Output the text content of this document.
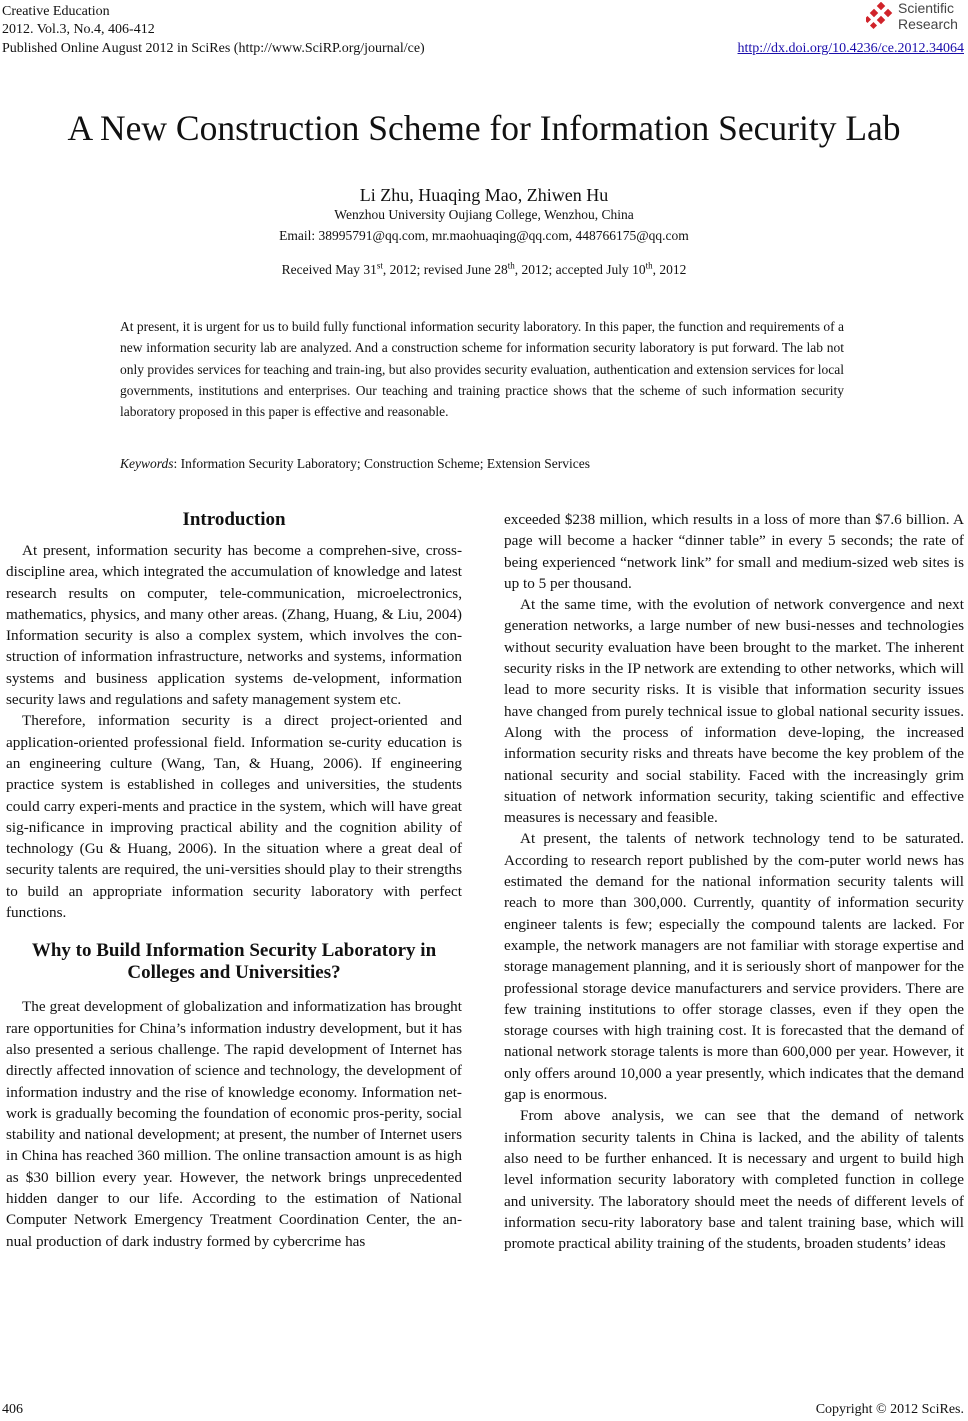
Creative Education
2012. Vol.3, No.4, 406-412
Published Online August 2012 in SciRes (http://www.SciRP.org/journal/ce)	http://dx.doi.org/10.4236/ce.2012.34064
Scientific
Research
A New Construction Scheme for Information Security Lab
Li Zhu, Huaqing Mao, Zhiwen Hu
Wenzhou University Oujiang College, Wenzhou, China
Email: 38995791@qq.com, mr.maohuaqing@qq.com, 448766175@qq.com
Received May 31st, 2012; revised June 28th, 2012; accepted July 10th, 2012
At present, it is urgent for us to build fully functional information security laboratory. In this paper, the function and requirements of a new information security lab are analyzed. And a construction scheme for information security laboratory is put forward. The lab not only provides services for teaching and train-ing, but also provides security evaluation, authentication and extension services for local governments, institutions and enterprises. Our teaching and training practice shows that the scheme of such information security laboratory proposed in this paper is effective and reasonable.
Keywords: Information Security Laboratory; Construction Scheme; Extension Services
Introduction

At present, information security has become a comprehen-sive, cross-discipline area, which integrated the accumulation of knowledge and latest research results on computer, tele-communication, microelectronics, mathematics, physics, and many other areas. (Zhang, Huang, & Liu, 2004) Information security is also a complex system, which involves the con-struction of information infrastructure, networks and systems, information systems and business application systems de-velopment, information security laws and regulations and safety management system etc.

Therefore, information security is a direct project-oriented and application-oriented professional field. Information se-curity education is an engineering culture (Wang, Tan, & Huang, 2006). If engineering practice system is established in colleges and universities, the students could carry experi-ments and practice in the system, which will have great sig-nificance in improving practical ability and the cognition ability of technology (Gu & Huang, 2006). In the situation where a great deal of security talents are required, the uni-versities should play to their strengths to build an appropriate information security laboratory with perfect functions.

Why to Build Information Security Laboratory in Colleges and Universities?

The great development of globalization and informatization has brought rare opportunities for China’s information industry development, but it has also presented a serious challenge. The rapid development of Internet has directly affected innovation of science and technology, the development of information industry and the rise of knowledge economy. Information net-work is gradually becoming the foundation of economic pros-perity, social stability and national development; at present, the number of Internet users in China has reached 360 million. The online transaction amount is as high as $30 billion every year. However, the network brings unprecedented hidden danger to our life. According to the estimation of National Computer Network Emergency Treatment Coordination Center, the an-nual production of dark industry formed by cybercrime has

exceeded $238 million, which results in a loss of more than $7.6 billion. A page will become a hacker “dinner table” in every 5 seconds; the rate of being experienced “network link” for small and medium-sized web sites is up to 5 per thousand.

At the same time, with the evolution of network convergence and next generation networks, a large number of new busi-nesses and technologies without security evaluation have been brought to the market. The inherent security risks in the IP network are extending to other networks, which will lead to more security risks. It is visible that information security issues have changed from purely technical issue to global national security issues. Along with the process of information deve-loping, the increased information security risks and threats have become the key problem of the national security and social stability. Faced with the increasingly grim situation of network information security, taking scientific and effective measures is necessary and feasible.

At present, the talents of network technology tend to be saturated. According to research report published by the com-puter world news has estimated the demand for the national information security talents will reach to more than 300,000. Currently, quantity of information security engineer talents is few; especially the compound talents are lacked. For example, the network managers are not familiar with storage expertise and storage management planning, and it is seriously short of manpower for the professional storage device manufacturers and service providers. There are few training institutions to offer storage classes, even if they open the storage courses with high training cost. It is forecasted that the demand of national network storage talents is more than 600,000 per year. However, it only offers around 10,000 a year presently, which indicates that the demand gap is enormous.

From above analysis, we can see that the demand of network information security talents in China is lacked, and the ability of talents also need to be further enhanced. It is necessary and urgent to build high level information security laboratory with completed function in college and university. The laboratory should meet the needs of different levels of information secu-rity laboratory base and talent training base, which will promote practical ability training of the students, broaden students’ ideas

406	Copyright © 2012 SciRes.
